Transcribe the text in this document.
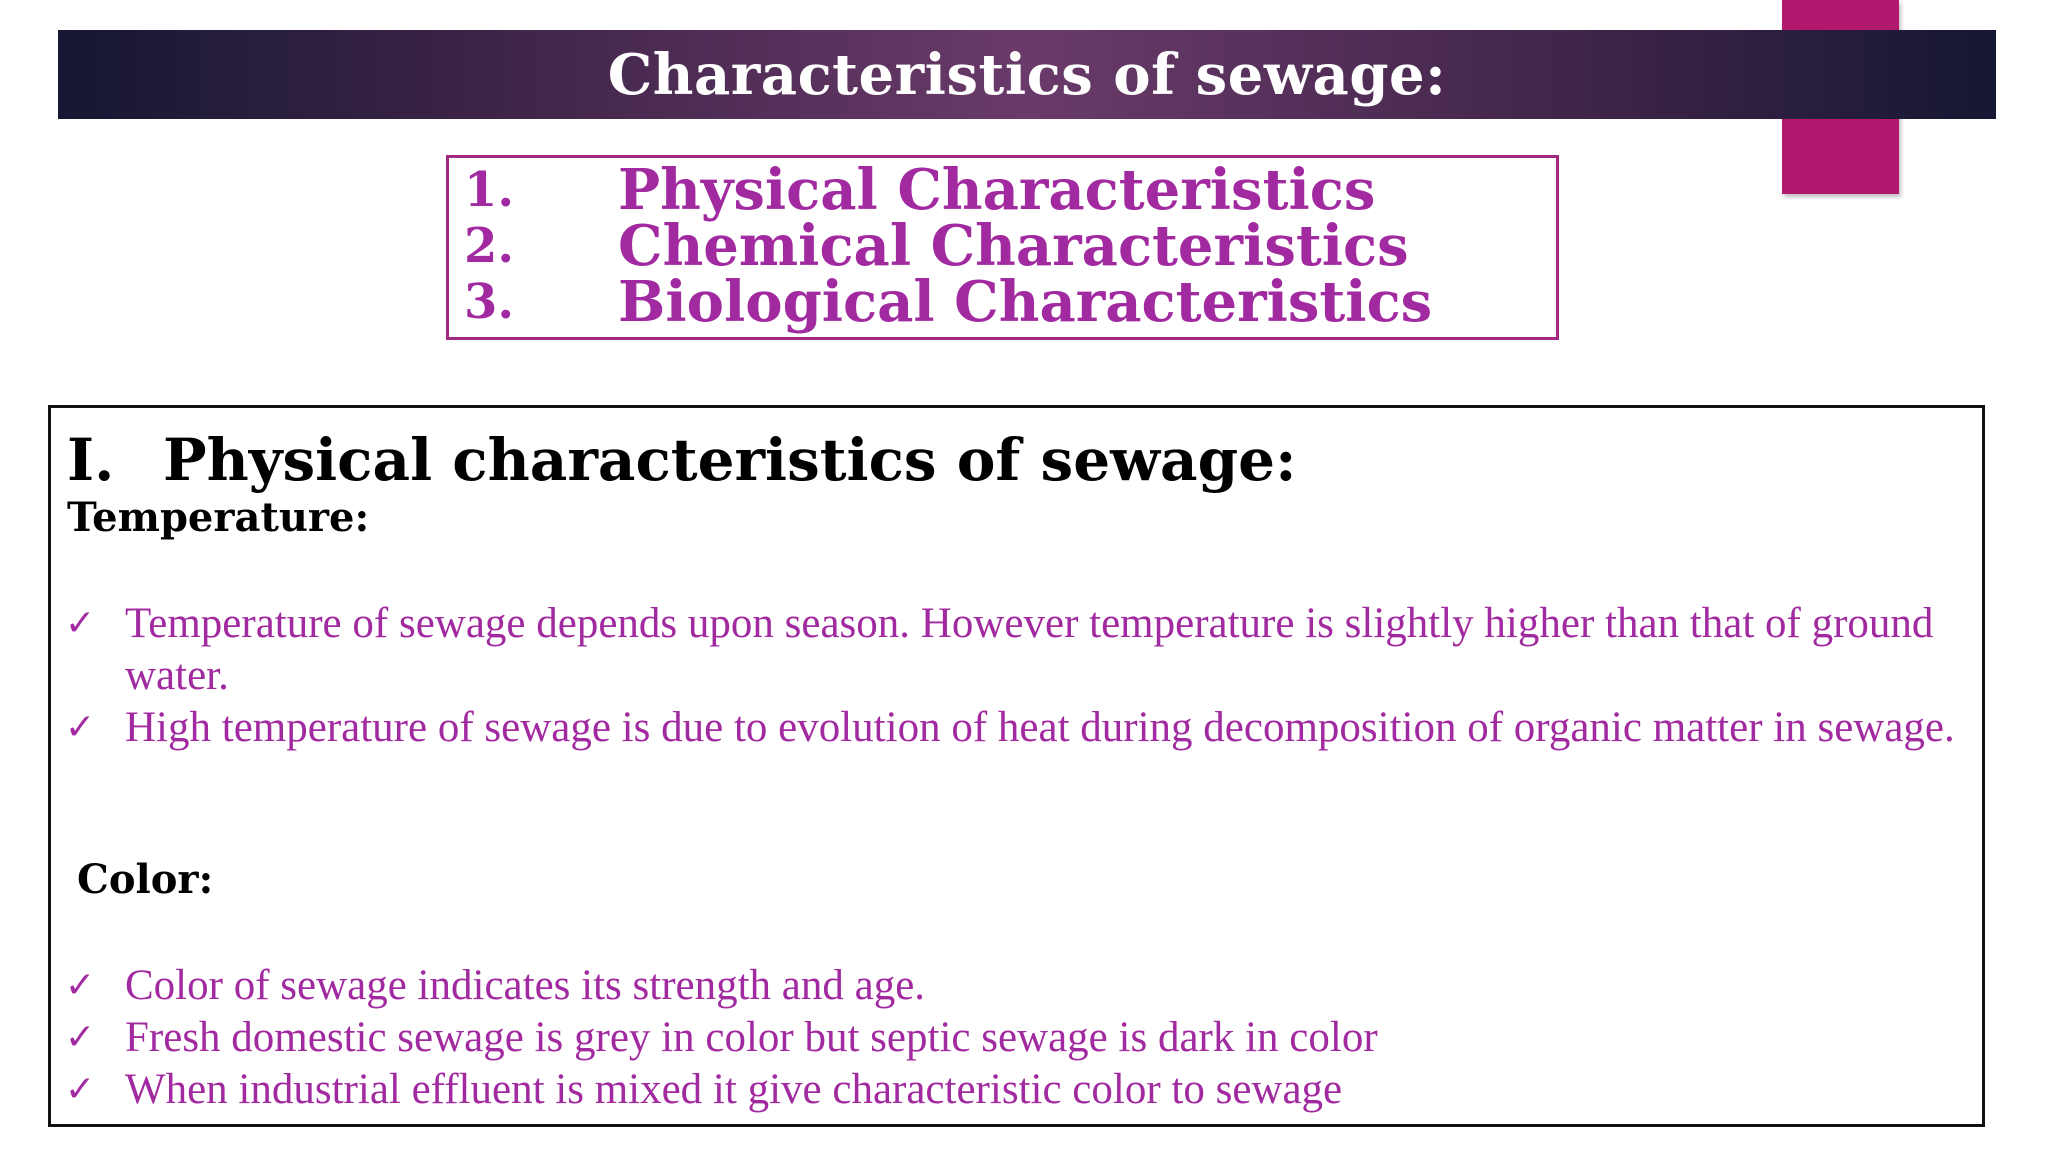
Characteristics of sewage:
1.	Physical Characteristics
2.	Chemical Characteristics
3.	Biological Characteristics
I. Physical characteristics of sewage:
Temperature:
✓ Temperature of sewage depends upon season. However temperature is slightly higher than that of ground water.
✓ High temperature of sewage is due to evolution of heat during decomposition of organic matter in sewage.
Color:
✓ Color of sewage indicates its strength and age.
✓ Fresh domestic sewage is grey in color but septic sewage is dark in color
✓ When industrial effluent is mixed it give characteristic color to sewage
